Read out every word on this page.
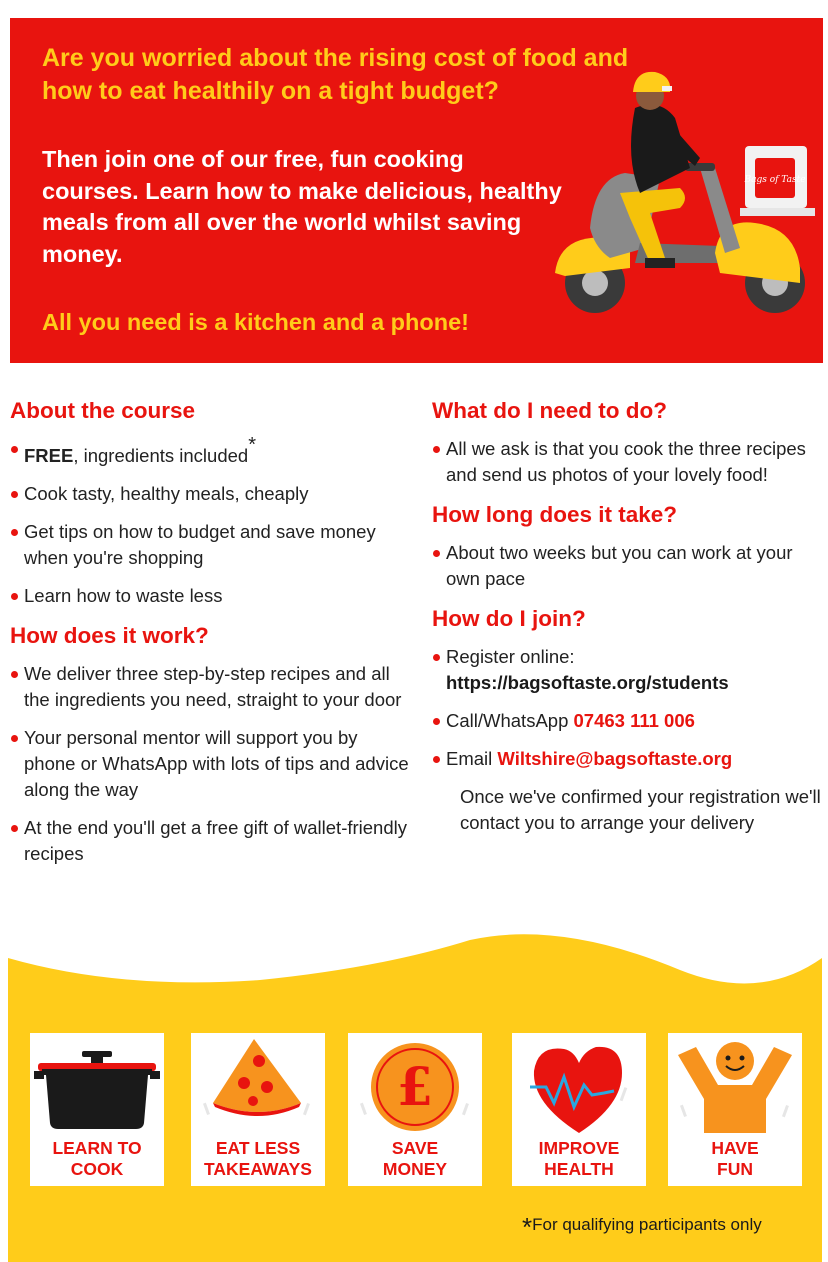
Are you worried about the rising cost of food and how to eat healthily on a tight budget?
Then join one of our free, fun cooking courses. Learn how to make delicious, healthy meals from all over the world whilst saving money.
All you need is a kitchen and a phone!
Bags of Taste
About the course
FREE, ingredients included*
Cook tasty, healthy meals, cheaply
Get tips on how to budget and save money when you're shopping
Learn how to waste less
How does it work?
We deliver three step-by-step recipes and all the ingredients you need, straight to your door
Your personal mentor will support you by phone or WhatsApp with lots of tips and advice along the way
At the end you'll get a free gift of wallet-friendly recipes
What do I need to do?
All we ask is that you cook the three recipes and send us photos of your lovely food!
How long does it take?
About two weeks but you can work at your own pace
How do I join?
Register online:
https://bagsoftaste.org/students
Call/WhatsApp 07463 111 006
Email Wiltshire@bagsoftaste.org
Once we've confirmed your registration we'll contact you to arrange your delivery
LEARN TO
COOK
EAT LESS
TAKEAWAYS
£
SAVE
MONEY
IMPROVE
HEALTH
HAVE
FUN
*For qualifying participants only
